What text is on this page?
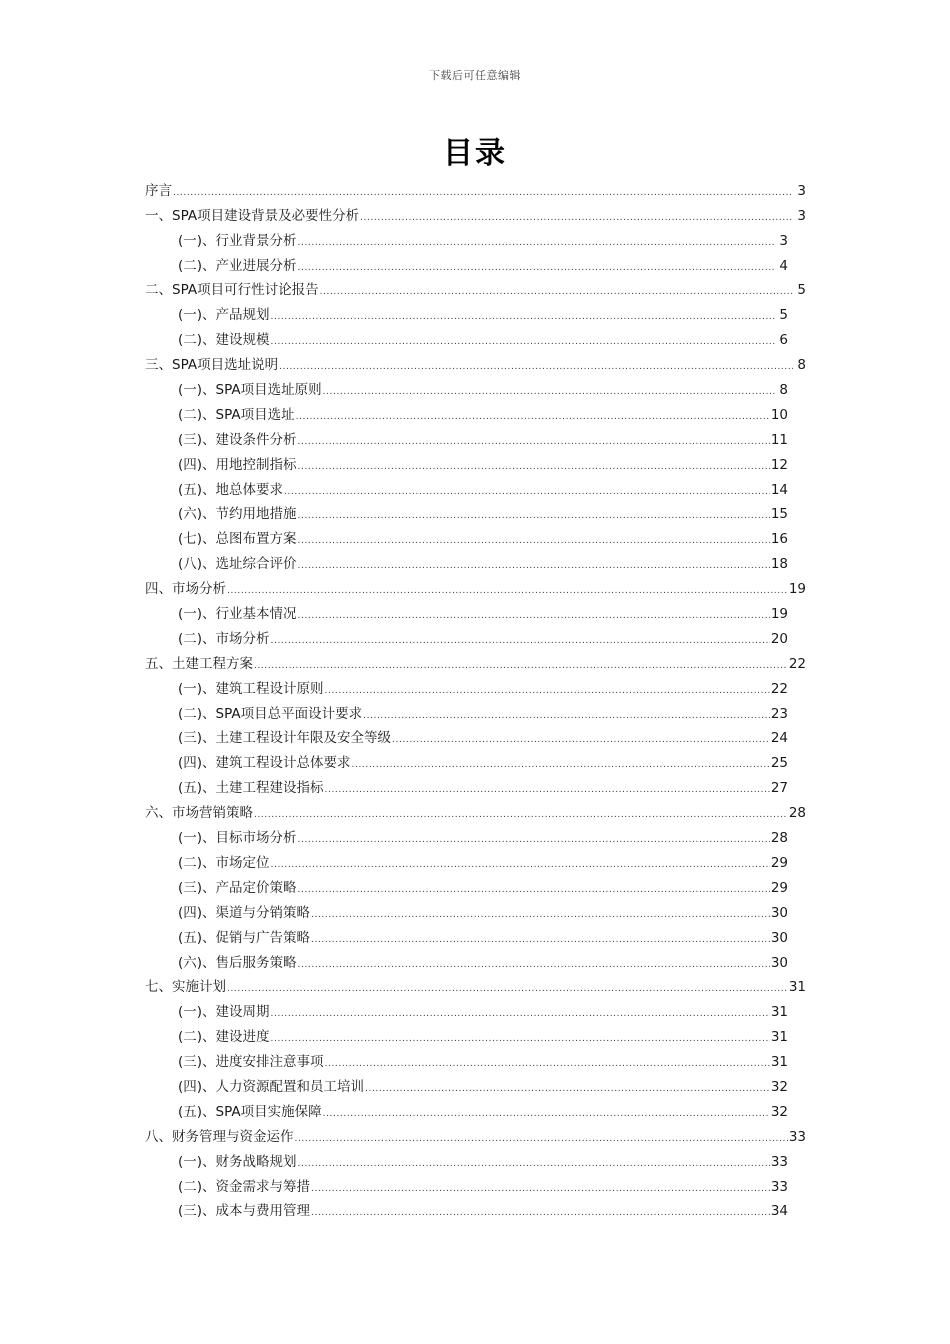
下载后可任意编辑
目录
序言 .....	3
一、SPA项目建设背景及必要性分析 .....	3
(一)、行业背景分析 .....	3
(二)、产业进展分析 .....	4
二、SPA项目可行性讨论报告 .....	5
(一)、产品规划 .....	5
(二)、建设规模 .....	6
三、SPA项目选址说明 .....	8
(一)、SPA项目选址原则 .....	8
(二)、SPA项目选址 .....	10
(三)、建设条件分析 .....	11
(四)、用地控制指标 .....	12
(五)、地总体要求 .....	14
(六)、节约用地措施 .....	15
(七)、总图布置方案 .....	16
(八)、选址综合评价 .....	18
四、市场分析 .....	19
(一)、行业基本情况 .....	19
(二)、市场分析 .....	20
五、土建工程方案 .....	22
(一)、建筑工程设计原则 .....	22
(二)、SPA项目总平面设计要求 .....	23
(三)、土建工程设计年限及安全等级 .....	24
(四)、建筑工程设计总体要求 .....	25
(五)、土建工程建设指标 .....	27
六、市场营销策略 .....	28
(一)、目标市场分析 .....	28
(二)、市场定位 .....	29
(三)、产品定价策略 .....	29
(四)、渠道与分销策略 .....	30
(五)、促销与广告策略 .....	30
(六)、售后服务策略 .....	30
七、实施计划 .....	31
(一)、建设周期 .....	31
(二)、建设进度 .....	31
(三)、进度安排注意事项 .....	31
(四)、人力资源配置和员工培训 .....	32
(五)、SPA项目实施保障 .....	32
八、财务管理与资金运作 .....	33
(一)、财务战略规划 .....	33
(二)、资金需求与筹措 .....	33
(三)、成本与费用管理 .....	34
